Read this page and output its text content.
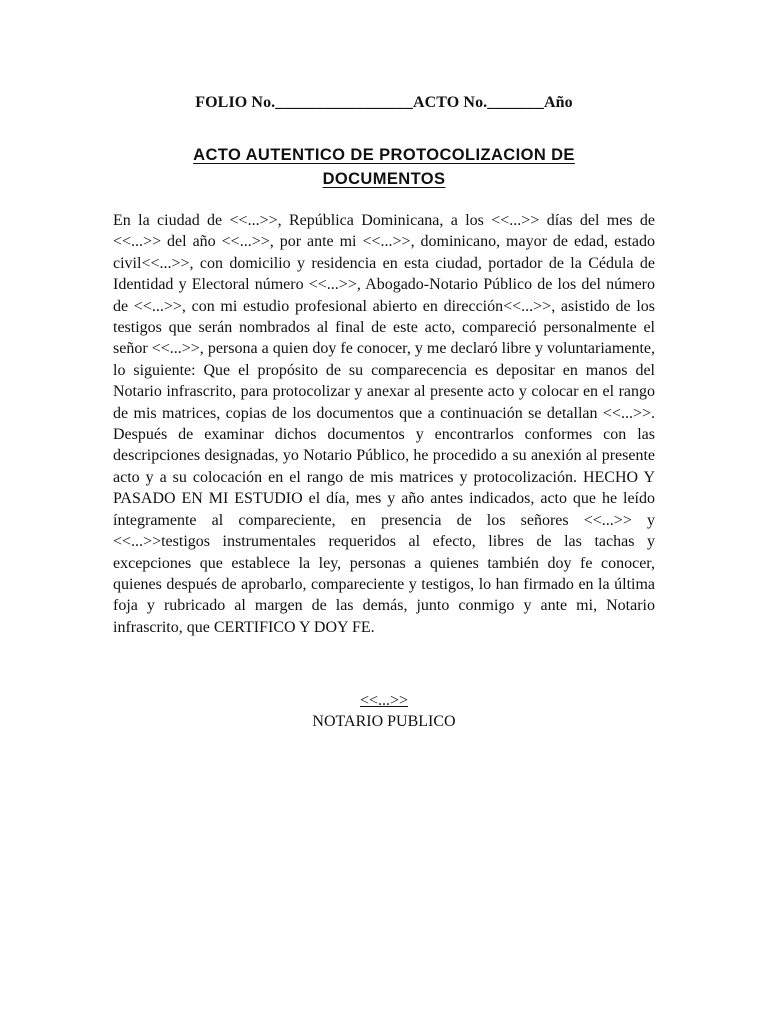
FOLIO No._________________ACTO No._______Año
ACTO AUTENTICO DE PROTOCOLIZACION DE
DOCUMENTOS

En la ciudad de <<...>>, República Dominicana, a los <<...>> días del mes de <<...>> del año <<...>>, por ante mi <<...>>, dominicano, mayor de edad, estado civil<<...>>, con domicilio y residencia en esta ciudad, portador de la Cédula de Identidad y Electoral número <<...>>, Abogado-Notario Público de los del número de <<...>>, con mi estudio profesional abierto en dirección<<...>>, asistido de los testigos que serán nombrados al final de este acto, compareció personalmente el señor <<...>>, persona a quien doy fe conocer, y me declaró libre y voluntariamente, lo siguiente: Que el propósito de su comparecencia es depositar en manos del Notario infrascrito, para protocolizar y anexar al presente acto y colocar en el rango de mis matrices, copias de los documentos que a continuación se detallan <<...>>. Después de examinar dichos documentos y encontrarlos conformes con las descripciones designadas, yo Notario Público, he procedido a su anexión al presente acto y a su colocación en el rango de mis matrices y protocolización. HECHO Y PASADO EN MI ESTUDIO el día, mes y año antes indicados, acto que he leído íntegramente al compareciente, en presencia de los señores <<...>> y <<...>>testigos instrumentales requeridos al efecto, libres de las tachas y excepciones que establece la ley, personas a quienes también doy fe conocer, quienes después de aprobarlo, compareciente y testigos, lo han firmado en la última foja y rubricado al margen de las demás, junto conmigo y ante mi, Notario infrascrito, que CERTIFICO Y DOY FE.

<<...>>
NOTARIO PUBLICO
